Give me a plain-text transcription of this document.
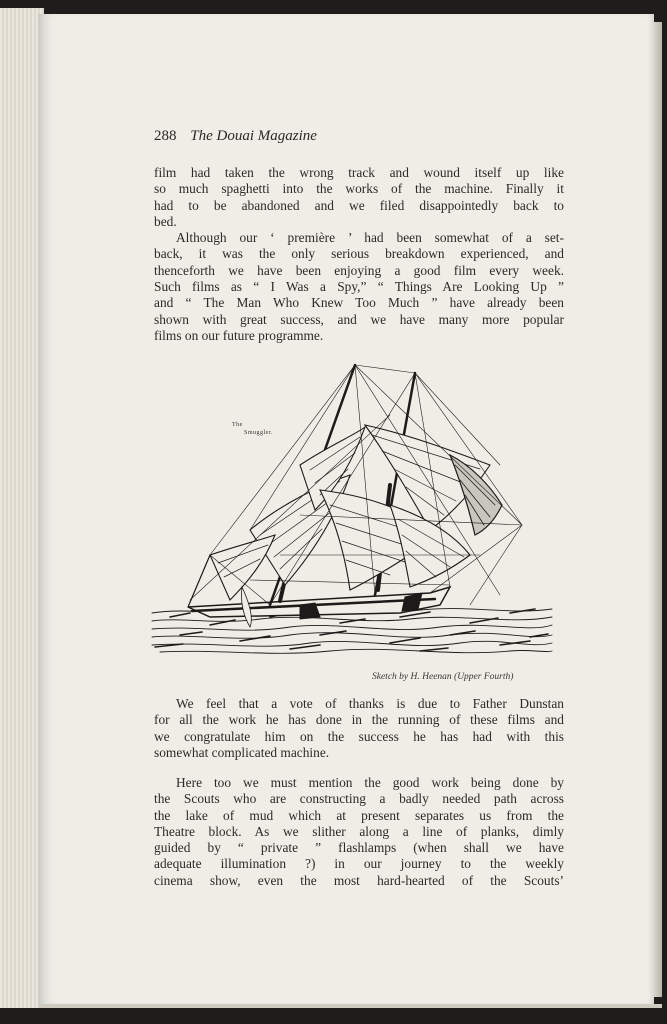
288 The Douai Magazine

film had taken the wrong track and wound itself up like
so much spaghetti into the works of the machine. Finally it
had to be abandoned and we filed disappointedly back to
bed.

Although our ‘ première ’ had been somewhat of a set-
back, it was the only serious breakdown experienced, and
thenceforth we have been enjoying a good film every week.
Such films as “ I Was a Spy,” “ Things Are Looking Up ”
and “ The Man Who Knew Too Much ” have already been
shown with great success, and we have many more popular
films on our future programme.

The
Smuggler.
Sketch by H. Heenan (Upper Fourth)

We feel that a vote of thanks is due to Father Dunstan
for all the work he has done in the running of these films and
we congratulate him on the success he has had with this
somewhat complicated machine.

Here too we must mention the good work being done by
the Scouts who are constructing a badly needed path across
the lake of mud which at present separates us from the
Theatre block. As we slither along a line of planks, dimly
guided by “ private ” flashlamps (when shall we have
adequate illumination ?) in our journey to the weekly
cinema show, even the most hard-hearted of the Scouts’
